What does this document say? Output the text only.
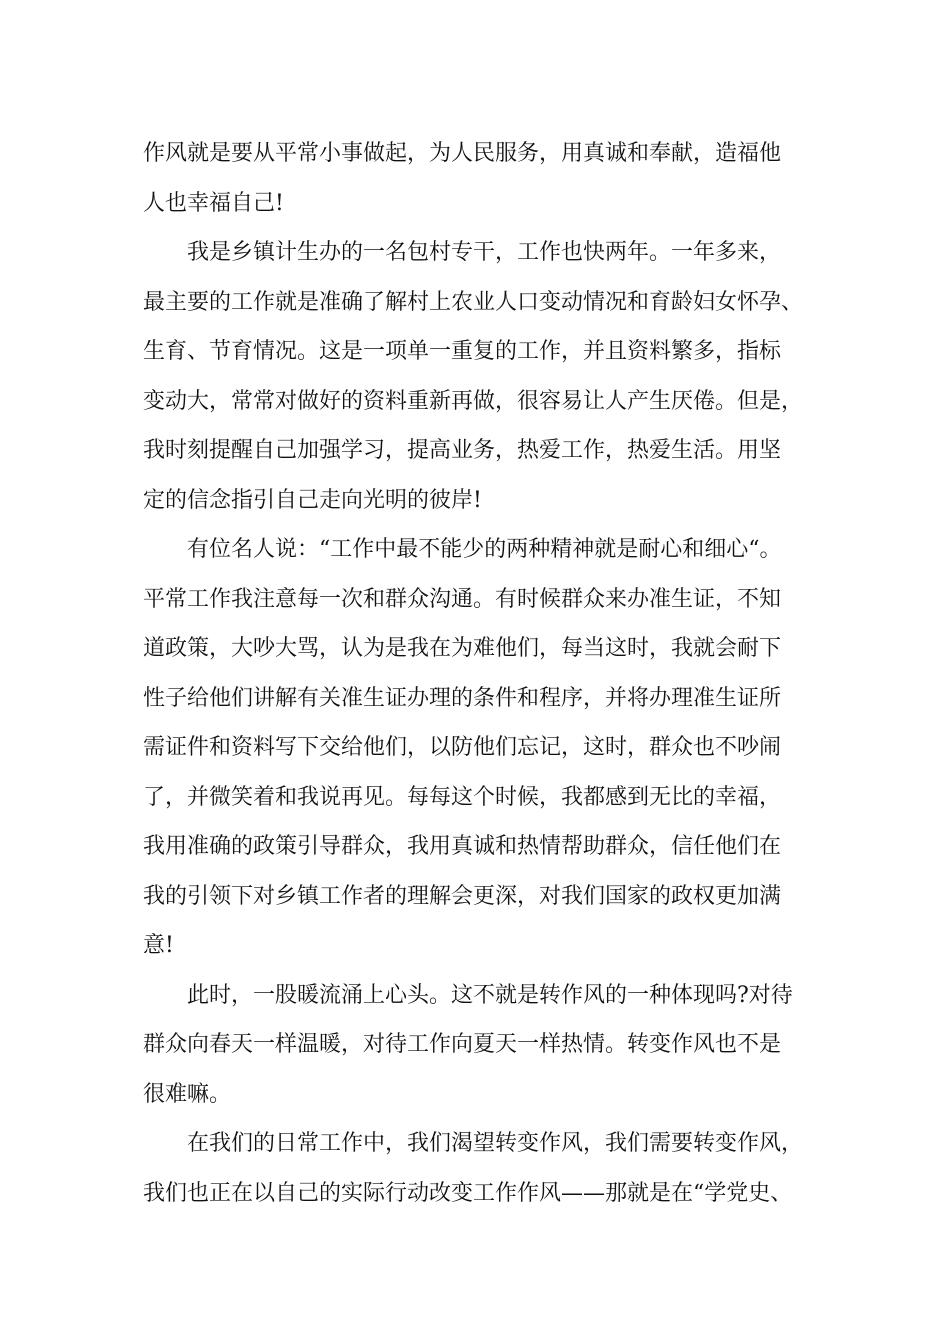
作风就是要从平常小事做起，为人民服务，用真诚和奉献，造福他
人也幸福自己!
我是乡镇计生办的一名包村专干，工作也快两年。一年多来，
最主要的工作就是准确了解村上农业人口变动情况和育龄妇女怀孕、
生育、节育情况。这是一项单一重复的工作，并且资料繁多，指标
变动大，常常对做好的资料重新再做，很容易让人产生厌倦。但是，
我时刻提醒自己加强学习，提高业务，热爱工作，热爱生活。用坚
定的信念指引自己走向光明的彼岸!
有位名人说：“工作中最不能少的两种精神就是耐心和细心“。
平常工作我注意每一次和群众沟通。有时候群众来办准生证，不知
道政策，大吵大骂，认为是我在为难他们，每当这时，我就会耐下
性子给他们讲解有关准生证办理的条件和程序，并将办理准生证所
需证件和资料写下交给他们，以防他们忘记，这时，群众也不吵闹
了，并微笑着和我说再见。每每这个时候，我都感到无比的幸福，
我用准确的政策引导群众，我用真诚和热情帮助群众，信任他们在
我的引领下对乡镇工作者的理解会更深，对我们国家的政权更加满
意!
此时，一股暖流涌上心头。这不就是转作风的一种体现吗?对待
群众向春天一样温暖，对待工作向夏天一样热情。转变作风也不是
很难嘛。
在我们的日常工作中，我们渴望转变作风，我们需要转变作风，
我们也正在以自己的实际行动改变工作作风——那就是在“学党史、
